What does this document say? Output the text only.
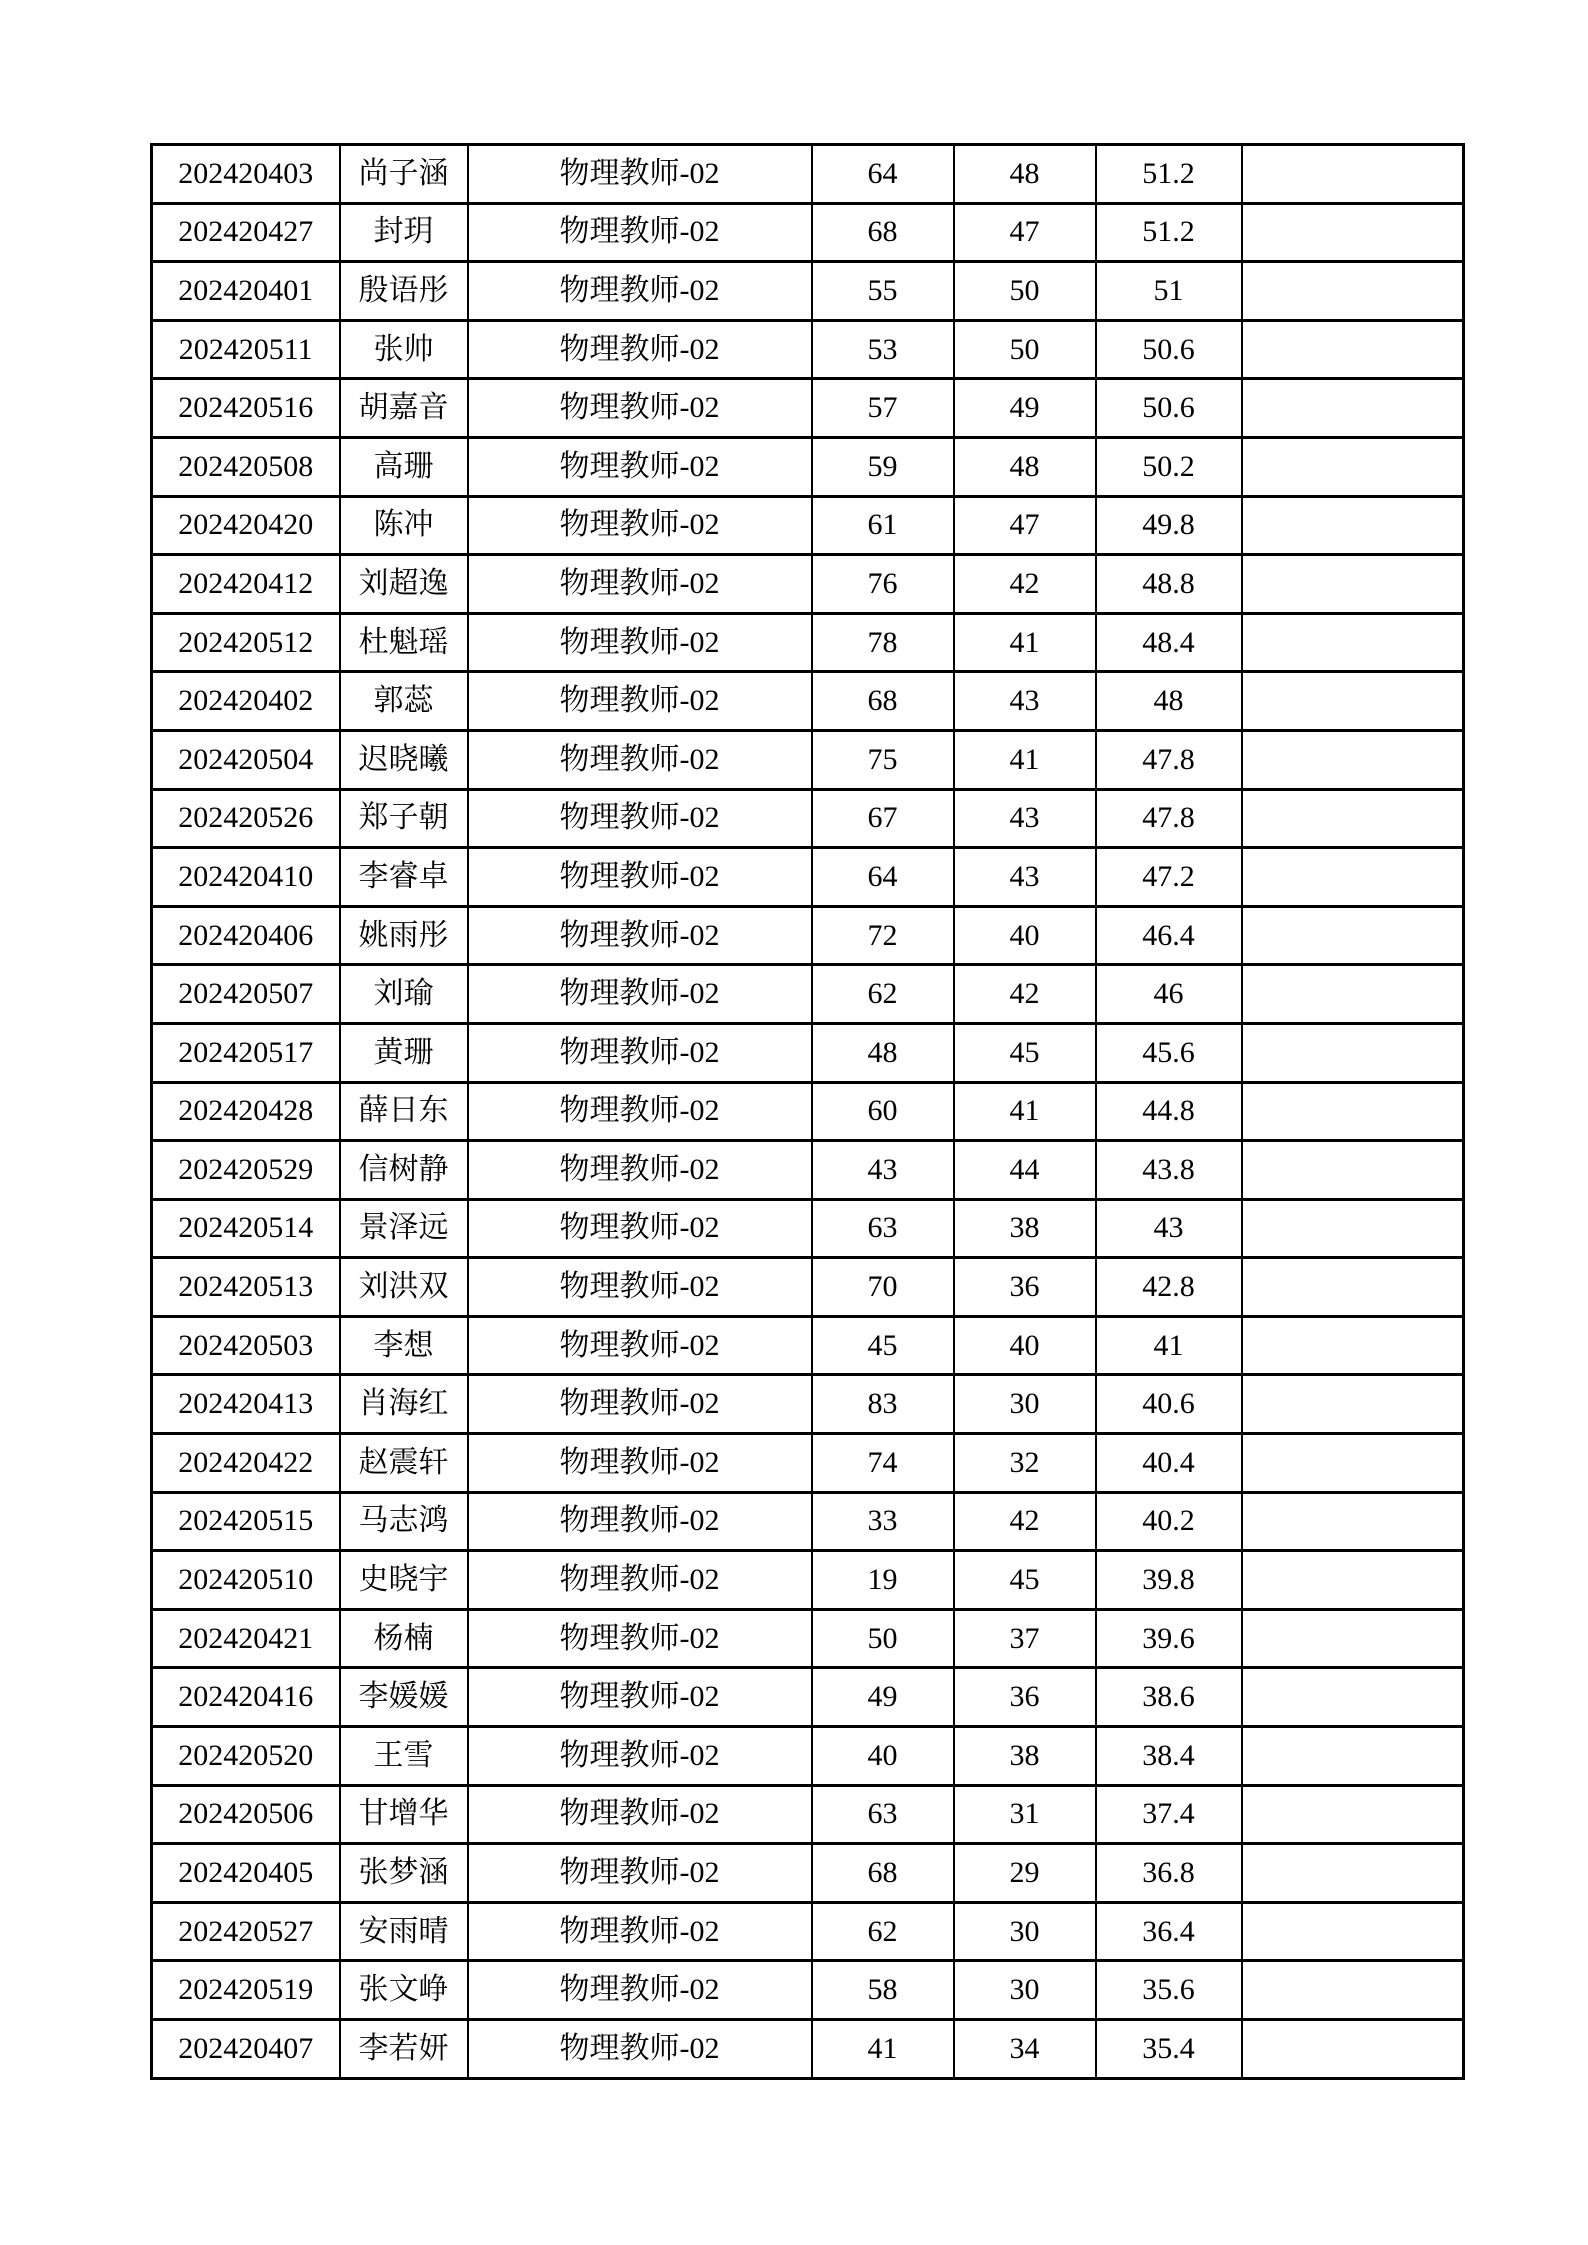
202420403	尚子涵	物理教师-02	64	48	51.2	
202420427	封玥	物理教师-02	68	47	51.2	
202420401	殷语彤	物理教师-02	55	50	51	
202420511	张帅	物理教师-02	53	50	50.6	
202420516	胡嘉音	物理教师-02	57	49	50.6	
202420508	高珊	物理教师-02	59	48	50.2	
202420420	陈冲	物理教师-02	61	47	49.8	
202420412	刘超逸	物理教师-02	76	42	48.8	
202420512	杜魁瑶	物理教师-02	78	41	48.4	
202420402	郭蕊	物理教师-02	68	43	48	
202420504	迟晓曦	物理教师-02	75	41	47.8	
202420526	郑子朝	物理教师-02	67	43	47.8	
202420410	李睿卓	物理教师-02	64	43	47.2	
202420406	姚雨彤	物理教师-02	72	40	46.4	
202420507	刘瑜	物理教师-02	62	42	46	
202420517	黄珊	物理教师-02	48	45	45.6	
202420428	薛日东	物理教师-02	60	41	44.8	
202420529	信树静	物理教师-02	43	44	43.8	
202420514	景泽远	物理教师-02	63	38	43	
202420513	刘洪双	物理教师-02	70	36	42.8	
202420503	李想	物理教师-02	45	40	41	
202420413	肖海红	物理教师-02	83	30	40.6	
202420422	赵震轩	物理教师-02	74	32	40.4	
202420515	马志鸿	物理教师-02	33	42	40.2	
202420510	史晓宇	物理教师-02	19	45	39.8	
202420421	杨楠	物理教师-02	50	37	39.6	
202420416	李媛媛	物理教师-02	49	36	38.6	
202420520	王雪	物理教师-02	40	38	38.4	
202420506	甘增华	物理教师-02	63	31	37.4	
202420405	张梦涵	物理教师-02	68	29	36.8	
202420527	安雨晴	物理教师-02	62	30	36.4	
202420519	张文峥	物理教师-02	58	30	35.6	
202420407	李若妍	物理教师-02	41	34	35.4	
